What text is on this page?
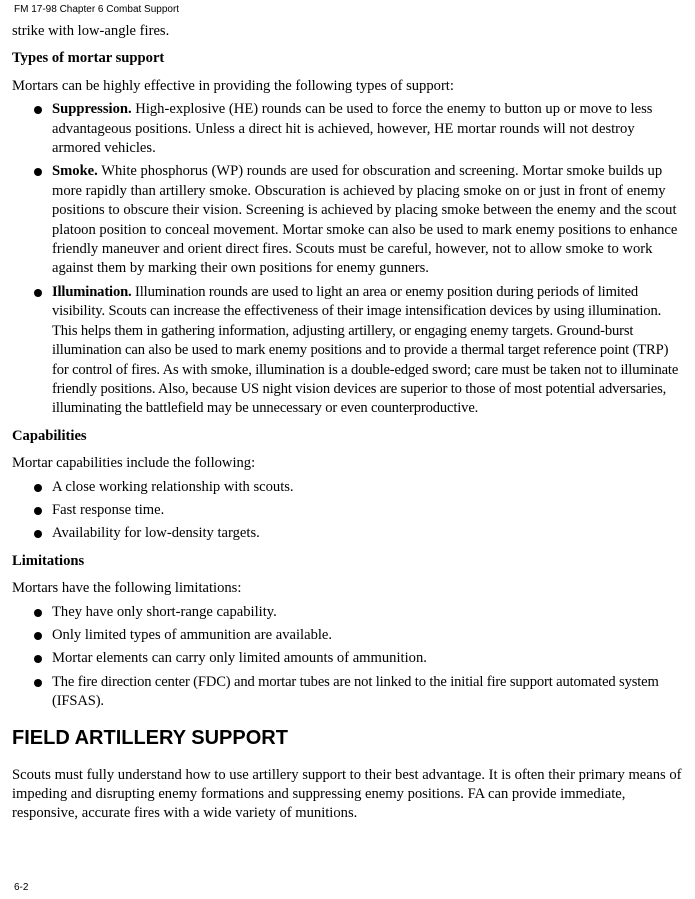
FM 17-98 Chapter 6 Combat Support

strike with low-angle fires.

Types of mortar support

Mortars can be highly effective in providing the following types of support:

Suppression. High-explosive (HE) rounds can be used to force the enemy to button up or move to less advantageous positions. Unless a direct hit is achieved, however, HE mortar rounds will not destroy armored vehicles.
Smoke. White phosphorus (WP) rounds are used for obscuration and screening. Mortar smoke builds up more rapidly than artillery smoke. Obscuration is achieved by placing smoke on or just in front of enemy positions to obscure their vision. Screening is achieved by placing smoke between the enemy and the scout platoon position to conceal movement. Mortar smoke can also be used to mark enemy positions to enhance friendly maneuver and orient direct fires. Scouts must be careful, however, not to allow smoke to work against them by marking their own positions for enemy gunners.
Illumination. Illumination rounds are used to light an area or enemy position during periods of limited visibility. Scouts can increase the effectiveness of their image intensification devices by using illumination. This helps them in gathering information, adjusting artillery, or engaging enemy targets. Ground-burst illumination can also be used to mark enemy positions and to provide a thermal target reference point (TRP) for control of fires. As with smoke, illumination is a double-edged sword; care must be taken not to illuminate friendly positions. Also, because US night vision devices are superior to those of most potential adversaries, illuminating the battlefield may be unnecessary or even counterproductive.
Capabilities

Mortar capabilities include the following:

A close working relationship with scouts.
Fast response time.
Availability for low-density targets.
Limitations

Mortars have the following limitations:

They have only short-range capability.
Only limited types of ammunition are available.
Mortar elements can carry only limited amounts of ammunition.
The fire direction center (FDC) and mortar tubes are not linked to the initial fire support automated system (IFSAS).
FIELD ARTILLERY SUPPORT

Scouts must fully understand how to use artillery support to their best advantage. It is often their primary means of impeding and disrupting enemy formations and suppressing enemy positions. FA can provide immediate, responsive, accurate fires with a wide variety of munitions.

6-2
